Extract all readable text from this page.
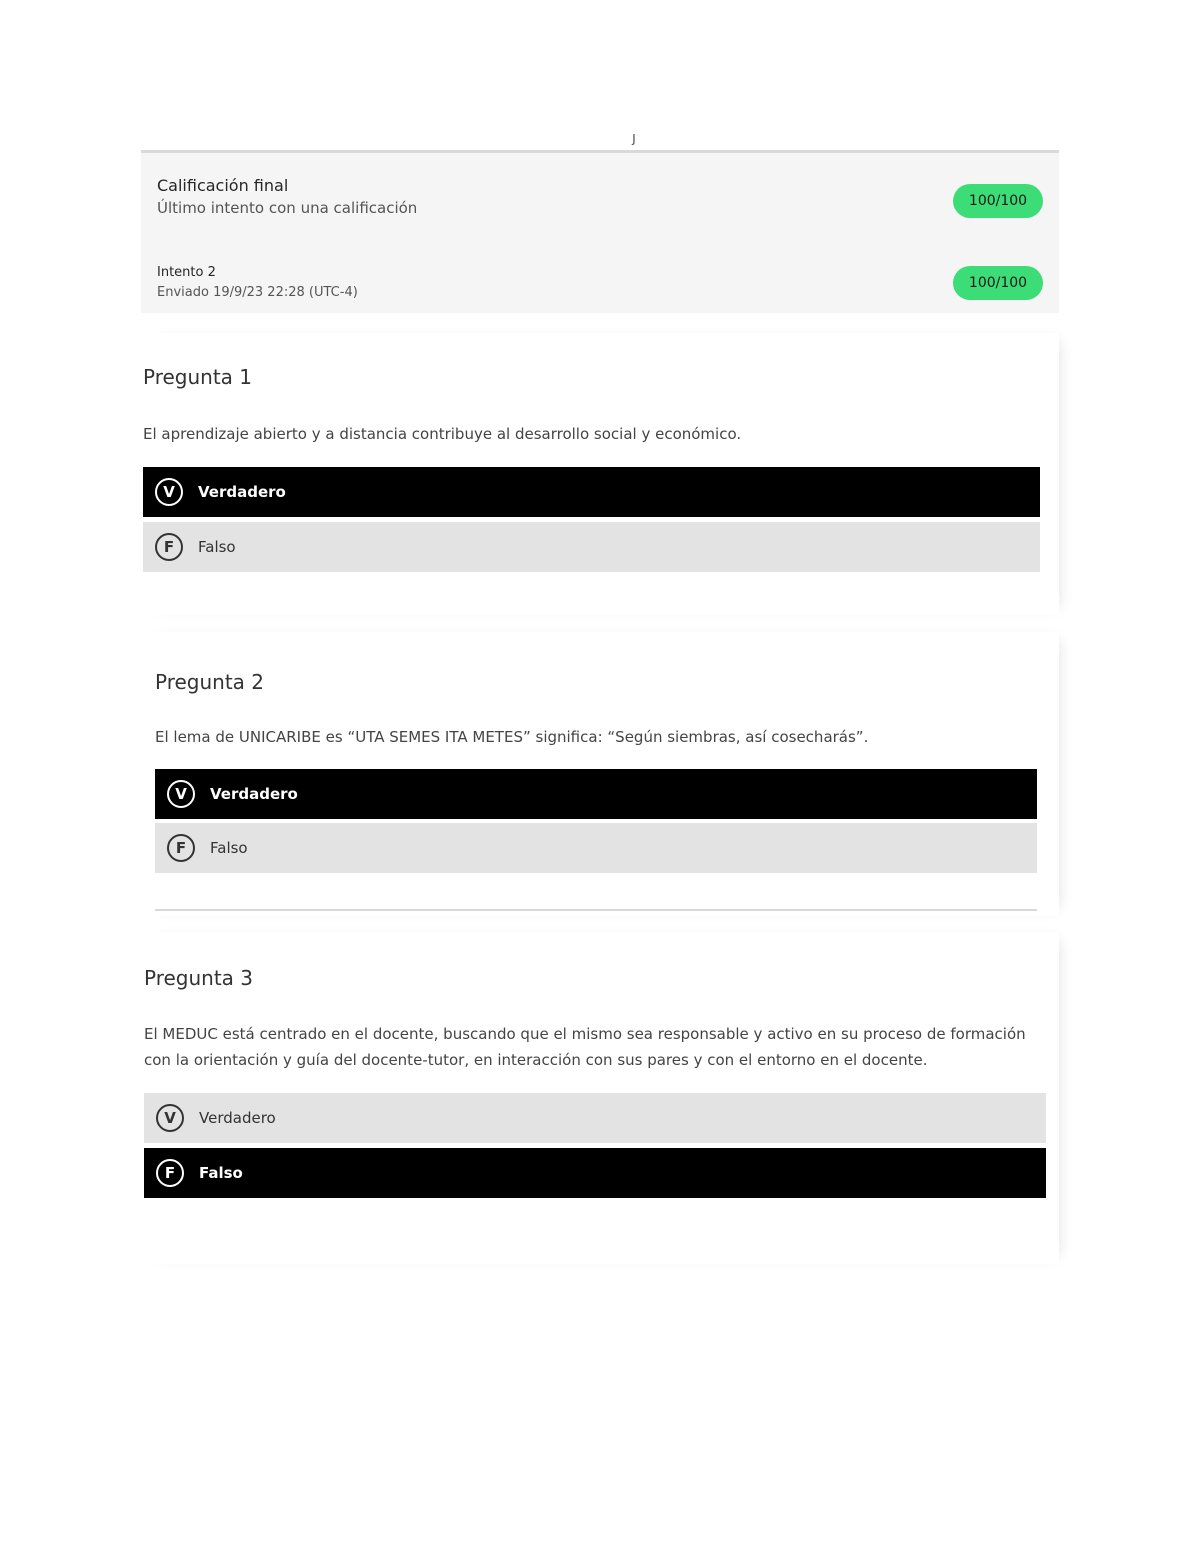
ȷ
Calificación final
Último intento con una calificación	100/100
Intento 2
Enviado 19/9/23 22:28 (UTC-4)
100/100
Pregunta 1

El aprendizaje abierto y a distancia contribuye al desarrollo social y económico.

V	Verdadero
F	Falso
Pregunta 2

El lema de UNICARIBE es “UTA SEMES ITA METES” significa: “Según siembras, así cosecharás”.

V	Verdadero
F	Falso
Pregunta 3

El MEDUC está centrado en el docente, buscando que el mismo sea responsable y activo en su proceso de formación con la orientación y guía del docente-tutor, en interacción con sus pares y con el entorno en el docente.

V	Verdadero
F	Falso
